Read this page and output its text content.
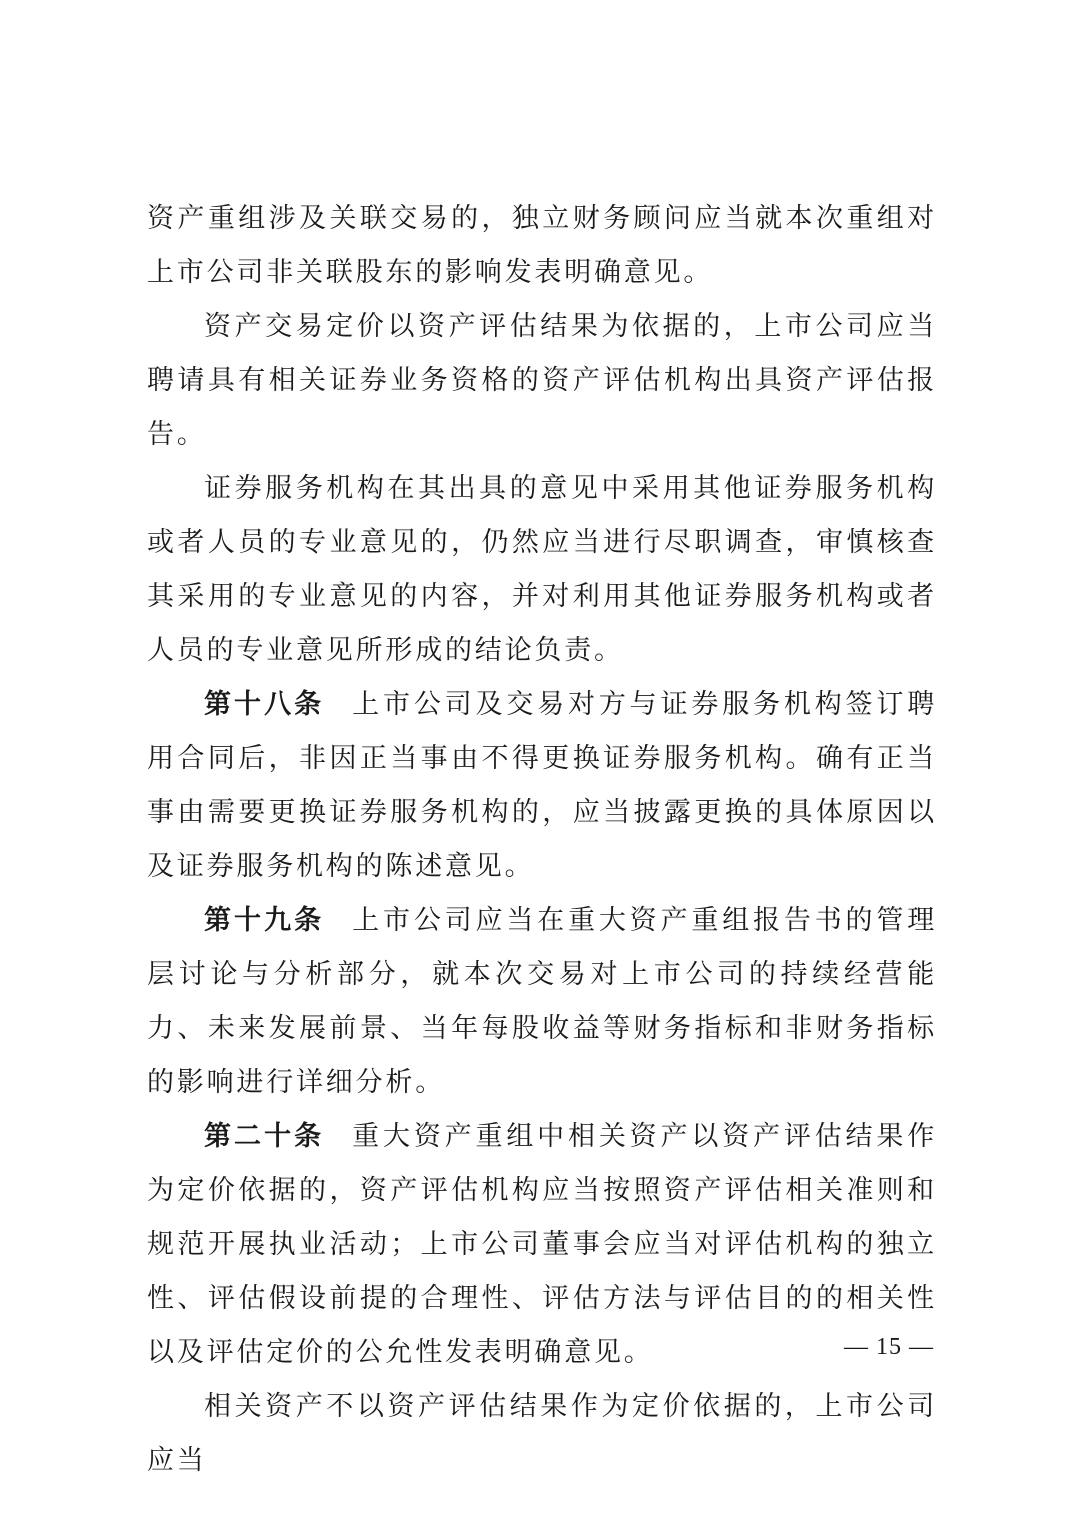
资产重组涉及关联交易的，独立财务顾问应当就本次重组对上市公司非关联股东的影响发表明确意见。

资产交易定价以资产评估结果为依据的，上市公司应当聘请具有相关证券业务资格的资产评估机构出具资产评估报告。

证券服务机构在其出具的意见中采用其他证券服务机构或者人员的专业意见的，仍然应当进行尽职调查，审慎核查其采用的专业意见的内容，并对利用其他证券服务机构或者人员的专业意见所形成的结论负责。

第十八条 上市公司及交易对方与证券服务机构签订聘用合同后，非因正当事由不得更换证券服务机构。确有正当事由需要更换证券服务机构的，应当披露更换的具体原因以及证券服务机构的陈述意见。

第十九条 上市公司应当在重大资产重组报告书的管理层讨论与分析部分，就本次交易对上市公司的持续经营能力、未来发展前景、当年每股收益等财务指标和非财务指标的影响进行详细分析。

第二十条 重大资产重组中相关资产以资产评估结果作为定价依据的，资产评估机构应当按照资产评估相关准则和规范开展执业活动；上市公司董事会应当对评估机构的独立性、评估假设前提的合理性、评估方法与评估目的的相关性以及评估定价的公允性发表明确意见。

相关资产不以资产评估结果作为定价依据的，上市公司应当

— 15 —
